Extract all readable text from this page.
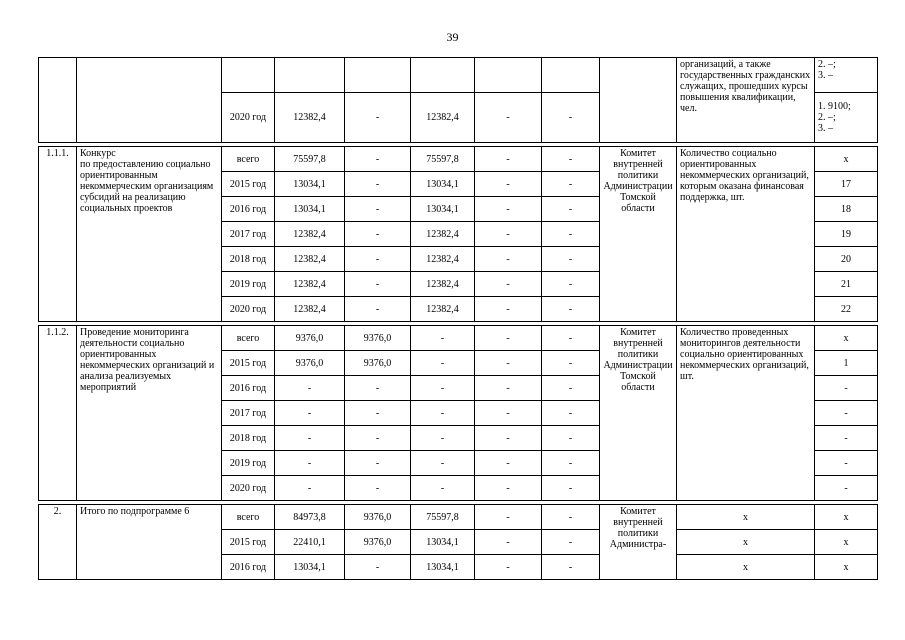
39
									организаций, а также государственных гражданских служащих, прошедших курсы повышения квалификации, чел.	2. –;
3. –
		2020 год	12382,4	-	12382,4	-	-			1. 9100;
2. –;
3. –

1.1.1.	Конкурс
по предоставлению социально ориентированным некоммерческим организациям субсидий на реализацию социальных проектов	всего	75597,8	-	75597,8	-	-	Комитет внутренней политики Администрации Томской области	Количество социально ориентированных некоммерческих организаций, которым оказана финансовая поддержка, шт.	х
		2015 год	13034,1	-	13034,1	-	-			17
		2016 год	13034,1	-	13034,1	-	-			18
		2017 год	12382,4	-	12382,4	-	-			19
		2018 год	12382,4	-	12382,4	-	-			20
		2019 год	12382,4	-	12382,4	-	-			21
		2020 год	12382,4	-	12382,4	-	-			22

1.1.2.	Проведение мониторинга деятельности социально ориентированных некоммерческих организаций и анализа реализуемых мероприятий	всего	9376,0	9376,0	-	-	-	Комитет внутренней политики Администрации Томской области	Количество проведенных мониторингов деятельности социально ориентированных некоммерческих организаций, шт.	х
		2015 год	9376,0	9376,0	-	-	-			1
		2016 год	-	-	-	-	-			-
		2017 год	-	-	-	-	-			-
		2018 год	-	-	-	-	-			-
		2019 год	-	-	-	-	-			-
		2020 год	-	-	-	-	-			-

2.	Итого по подпрограмме 6	всего	84973,8	9376,0	75597,8	-	-	Комитет внутренней политики Администра-	х	х
		2015 год	22410,1	9376,0	13034,1	-	-		х	х
		2016 год	13034,1	-	13034,1	-	-		х	х
